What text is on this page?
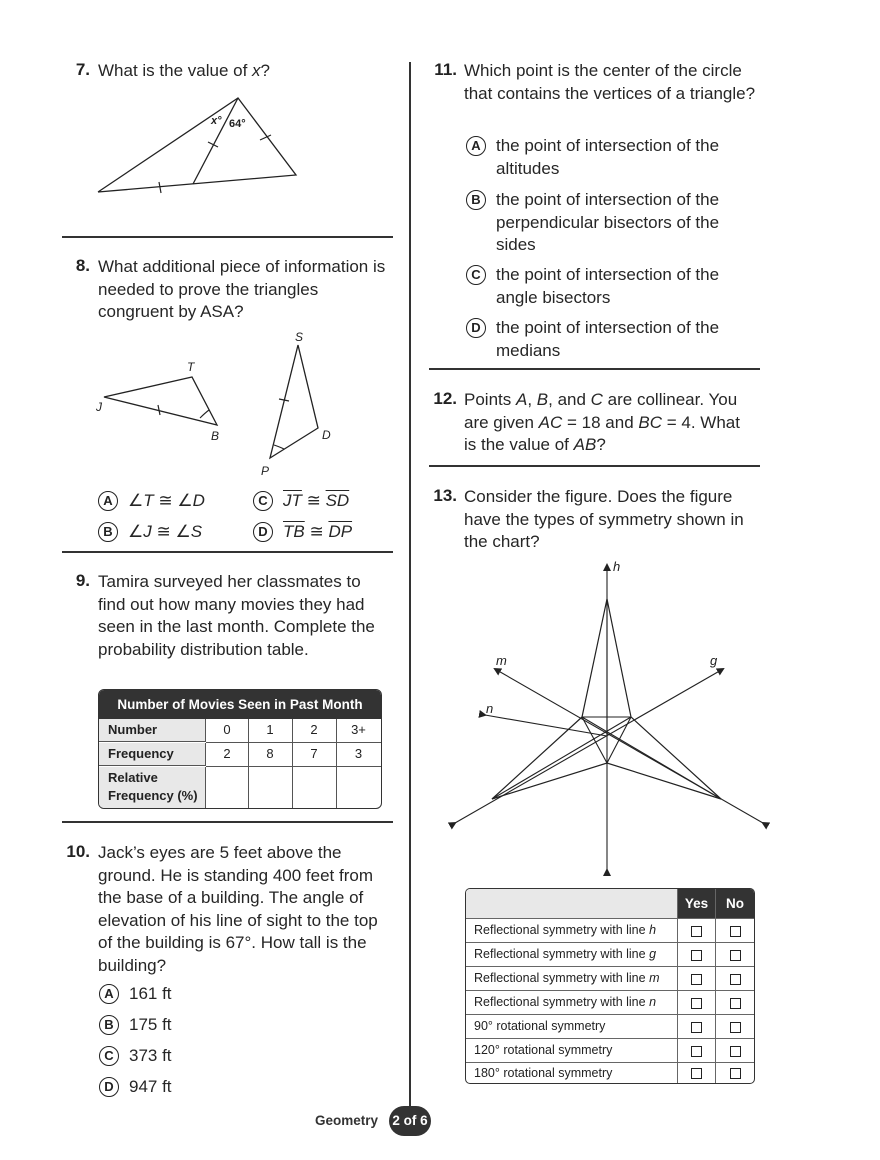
7. What is the value of x?
x° 64°
8. What additional piece of information is needed to prove the triangles congruent by ASA?
T
J
B
S
D
P
A ∠T ≅ ∠D
B ∠J ≅ ∠S
C $\overline{JT}$ ≅ $\overline{SD}$
D $\overline{TB}$ ≅ $\overline{DP}$
9. Tamira surveyed her classmates to find out how many movies they had seen in the last month. Complete the probability distribution table.
Number of Movies Seen in Past Month
Number	0	1	2	3+
Frequency	2	8	7	3
Relative
Frequency (%)
10. Jack’s eyes are 5 feet above the ground. He is standing 400 feet from the base of a building. The angle of elevation of his line of sight to the top of the building is 67°. How tall is the building?
A 161 ft
B 175 ft
C 373 ft
D 947 ft
11. Which point is the center of the circle that contains the vertices of a triangle?
A the point of intersection of the altitudes
B the point of intersection of the perpendicular bisectors of the sides
C the point of intersection of the angle bisectors
D the point of intersection of the medians
12. Points A, B, and C are collinear. You are given AC = 18 and BC = 4. What is the value of AB?
13. Consider the figure. Does the figure have the types of symmetry shown in the chart?
h
m	g
n
Yes	No
Reflectional symmetry with line h
Reflectional symmetry with line g
Reflectional symmetry with line m
Reflectional symmetry with line n
90° rotational symmetry
120° rotational symmetry
180° rotational symmetry
Geometry 2 of 6
